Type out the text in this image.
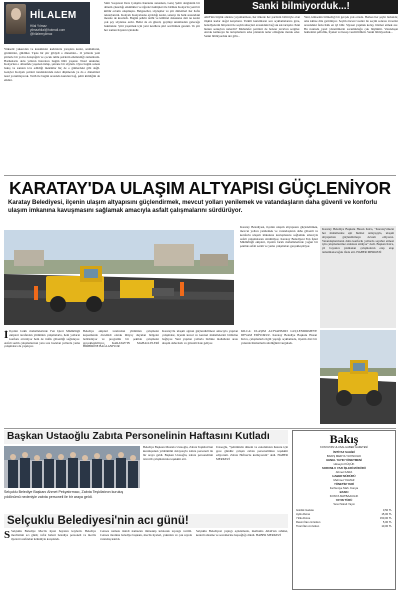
HİLALEM
Hilal Yılmaz
yilmazhilal@hotmail.com
@hilalemyilmaz
Yükselir yukarıdan ve kazıklıklar kadınlarla yarışlara kadar, azınlıkların, görünürler, güldüler. Tıpkı bir şiir gibiydi o dönemler... O yıllarda yeni şiirlerle bir yolcu dolaştığım ve çocuk ruhlu şairlerin etkilendiği zamanlardı. Harikalarla dolu yılların hatıraları bugün hâlâ yaşanır. Nasıl unutulur, Konya'nın o dönemde yaşanan üslup, şairane bir söylem. Oysa bugün sanata bakış ve sanatın icra edildiği mekânlar hiç de o günlerdeki gibi değil. Gençler Konyalı şairleri tanıdıklarında neler düşünecek ya da o dönemleri nasıl yorumlayacak. Tarih ile bugün arasında kurulan bağ, şehir kimliğini de etkiler.
Sinir Sosyetesi Ders Çalışma Kursunu sunarken, Genç Şehir dergisinin bir dönem çıkardığı etkinlikler ve öğrenci kulüpleri ile birlikte Konya'da yeni bir kültür ortamı oluşmuştu. Belgeseller, söyleşiler ve şiir dinletileri her hafta tekrarlanırdı. Konyalı Konyalısına ayrıldığı kadar, sanatçı ile halk arasındaki mesafe de kısalırdı. Bugün şehrin tarihi ve kültürel dokusuna dair ne kadar çok şey söylense azdır. Belki de en güzeli, geçmişi unutmadan geleceğe bakmaktır. Şiiri yaşatmak için yeni nesillere şiiri sevdirmek gerekir. Ve şiir her zaman hayatın içindedir.
Sanki bilmiyorduk...!
AKP'nin büyük ailelere yayınlanması, her ülkede her partinin birbiriyle olan ilişkisi kadar doğal karşılanır. Yetkili kurumların son açıklamalarına göre, belediyelerin bütçeleri ile seçim süreçleri arasındaki bağ sık sık tartışılır. Peki bunun sonuçları nelerdir? Muhalefet partileri de benzer tavırları sergiler. Ancak kamuoyu bu tartışmaların arka planında neler olduğunu merak eder. Sanki bilmiyorduk der gibi...
Yani, kimsenin bilmediği bir gerçek yok ortada. Herkes her şeyin farkında; ama kimse dile getirmiyor. Seçim öncesi vaatler ile seçim sonrası icraatlar arasındaki farkı halk en iyi bilir. Siyaset yapmak kolay, hizmet etmek zor. Bu noktada yerel yönetimlerin sorumluluğu çok büyüktür. Vatandaşın beklentisi şeffaflık, liyakat ve hesap verebilirliktir. Sanki bilmiyorduk...
KARATAY'DA ULAŞIM ALTYAPISI GÜÇLENİYOR
Karatay Belediyesi, ilçenin ulaşım altyapısını güçlendirmek, mevcut yolları yenilemek ve vatandaşların daha güvenli ve konforlu ulaşım imkanına kavuşmasını sağlamak amacıyla asfalt çalışmalarını sürdürüyor.
Karatay Belediyesi, ilçenin ulaşım altyapısını güçlendirmek, mevcut yolları yenilemek ve vatandaşların daha güvenli ve konforlu ulaşım imkanına kavuşmasını sağlamak amacıyla asfalt çalışmalarını sürdürüyor. Karatay Belediyesi Fen İşleri Müdürlüğü ekipleri, ilçenin farklı mahallelerinde yoğun bir şekilde asfalt serim ve yama çalışmaları gerçekleştiriyor.
Karatay Belediye Başkanı Hasan Kılca, "Karatay'ımızın her mahallesine eşit hizmet anlayışıyla, ulaşım altyapımızı güçlendirmeye devam ediyoruz. Vatandaşlarımızın daha konforlu yollarda seyahat etmesi için çalışmalarımız aralıksız sürüyor" dedi. Başkan Kılca, yıl boyunca planlanan çalışmaların etap etap tamamlanacağını ifade etti. HABER MERKEZİ
İ İlçenin farklı mahallelerinde Fen İşleri Müdürlüğü ekipleri tarafından yürütülen çalışmalarla, hem yolların konforu artırılıyor hem de trafik güvenliği sağlanıyor. Asfalt serim çalışmalarının yanı sıra bozulan yollarda yama çalışmaları da yapılıyor.
Belediye ekipleri tarafından yürütülen çalışmalar kapsamında öncelikli olarak ihtiyaç duyulan bölgeler belirleniyor ve programlı bir şekilde çalışmalar gerçekleştiriliyor. KARATAY'IN MAHALLELERİ BİRBİRİNE BAĞLANIYOR
Karatay'da ulaşım ağının güçlendirilmesi amacıyla yapılan çalışmalar, ilçenin kırsal ve kentsel mahallelerini birbirine bağlıyor. Yeni yapılan yollarla birlikte mahalleler arası ulaşım daha hızlı ve güvenli hale geliyor.
KILCA: ULAŞIM ALTYAPIMIZI GÜÇLENDİRMEYE DEVAM EDİYORUZ. Karatay Belediye Başkanı Hasan Kılca, çalışmalarla ilgili yaptığı açıklamada, ilçenin dört bir yanında hizmetlerin sürdüğünü vurguladı.
Başkan Ustaoğlu Zabıta Personelinin Haftasını Kutladı
Selçuklu Belediye Başkanı Ahmet Pekyatırmacı, Zabıta Teşkilatının kuruluş yıldönümü nedeniyle zabıta personeli ile bir araya geldi.
Belediye Başkanı Mustafa Ustaoğlu, Zabıta Teşkilatı'nın kuruluşunun yıldönümü dolayısıyla zabıta personeli ile bir araya geldi. Başkan Ustaoğlu, zabıta personelinin özverili çalışmalarına teşekkür etti.
Ustaoğlu, "Şehrimizin düzeni ve esnafımızın huzuru için gece gündüz çalışan zabıta personelimize teşekkür ediyorum. Zabıta Haftası'nı kutluyorum" dedi. HABER MERKEZİ
Bakış
KONYA'NIN ULUSAL HABER GAZETESİ
İMTİYAZ SAHİBİ
BAKIŞ MEDYA YAYINCILIK
GENEL YAYIN YÖNETMENİ
Hüseyin KÜÇÜK
SORUMLU YAZI İŞLERİ MÜDÜRÜ
Ahmet KARA
HABER MÜDÜRÜ
Mehmet YILMAZ
YÖNETİM YERİ
Ferhuniye Mah. Konya
BASKI
KONYA MATBAACILIK
YAYIN TÜRÜ
Yerel Süreli Yayın
Günlük Gazete	0,50 TL
Aylık Abone	15,00 TL
Yıllık Abone	150,00 TL
Resmi İlan cm/sütun	5,00 TL
Ticari İlan cm/sütun	10,00 TL
Selçuklu Belediyesi'nin acı günü!
S Selçuklu Belediye Meclis üyesi hayatını kaybetti. Belediye meclisinin acı günü; vefat haberi belediye personeli ve meclis üyeleri tarafından üzüntüyle karşılandı.
Cenaze namazı ikindi namazını müteakip kılınarak toprağa verildi. Cenaze törenine belediye başkanı, meclis üyeleri, yakınları ve çok sayıda vatandaş katıldı.
Selçuklu Belediyesi yaptığı açıklamada, merhuma Allah'tan rahmet, kederli ailesine ve sevenlerine başsağlığı diledi. HABER MERKEZİ
